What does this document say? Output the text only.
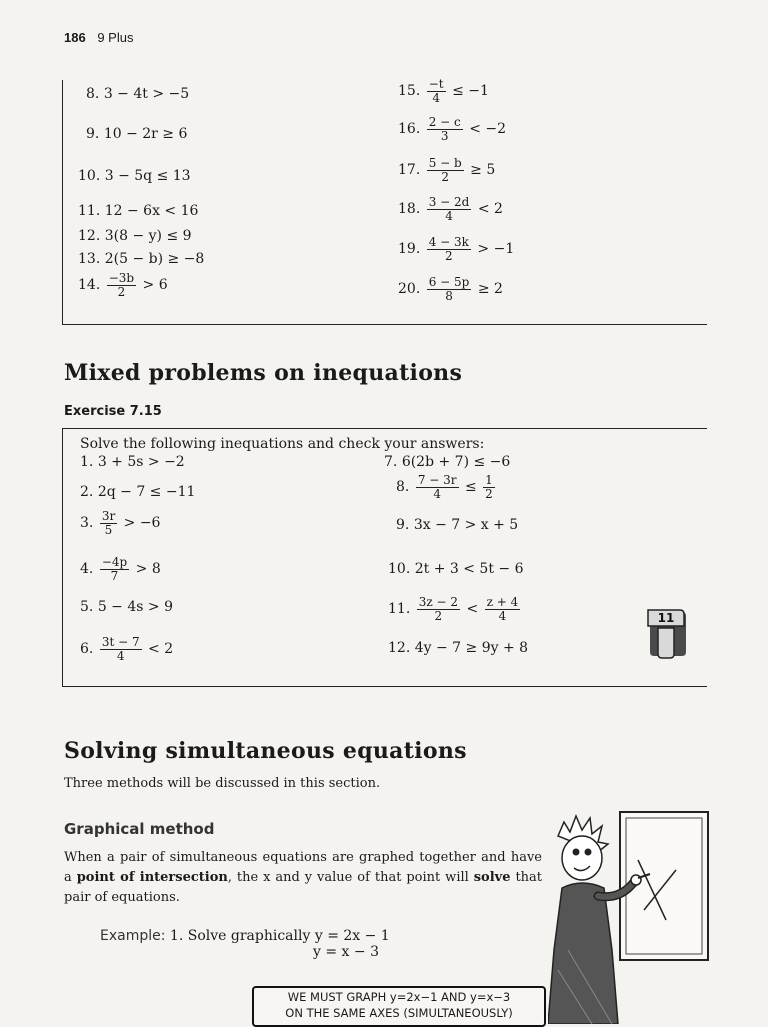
186 9 Plus
8. 3 − 4t > −5
9. 10 − 2r ≥ 6
10. 3 − 5q ≤ 13
11. 12 − 6x < 16
12. 3(8 − y) ≤ 9
13. 2(5 − b) ≥ −8
14. $\frac{-3b}{2} > 6$
15. $\frac{-t}{4} \le -1$
16. $\frac{2 - c}{3} < -2$
17. $\frac{5 - b}{2} \ge 5$
18. $\frac{3 - 2d}{4} < 2$
19. $\frac{4 - 3k}{2} > -1$
20. $\frac{6 - 5p}{8} \ge 2$
Mixed problems on inequations
Exercise 7.15
Solve the following inequations and check your answers:
1. 3 + 5s > −2
2. 2q − 7 ≤ −11
3. $\frac{3r}{5} > -6$
4. $\frac{-4p}{7} > 8$
5. 5 − 4s > 9
6. $\frac{3t - 7}{4} < 2$
7. 6(2b + 7) ≤ −6
8. $\frac{7 - 3r}{4} \le \frac{1}{2}$
9. 3x − 7 > x + 5
10. 2t + 3 < 5t − 6
11. $\frac{3z - 2}{2} < \frac{z + 4}{4}$
12. 4y − 7 ≥ 9y + 8
11
Solving simultaneous equations
Three methods will be discussed in this section.
Graphical method
When a pair of simultaneous equations are graphed together and have a point of intersection, the x and y value of that point will solve that pair of equations.
Example: 1. Solve graphically y = 2x − 1
y = x − 3
WE MUST GRAPH y=2x−1 AND y=x−3
ON THE SAME AXES (SIMULTANEOUSLY)
